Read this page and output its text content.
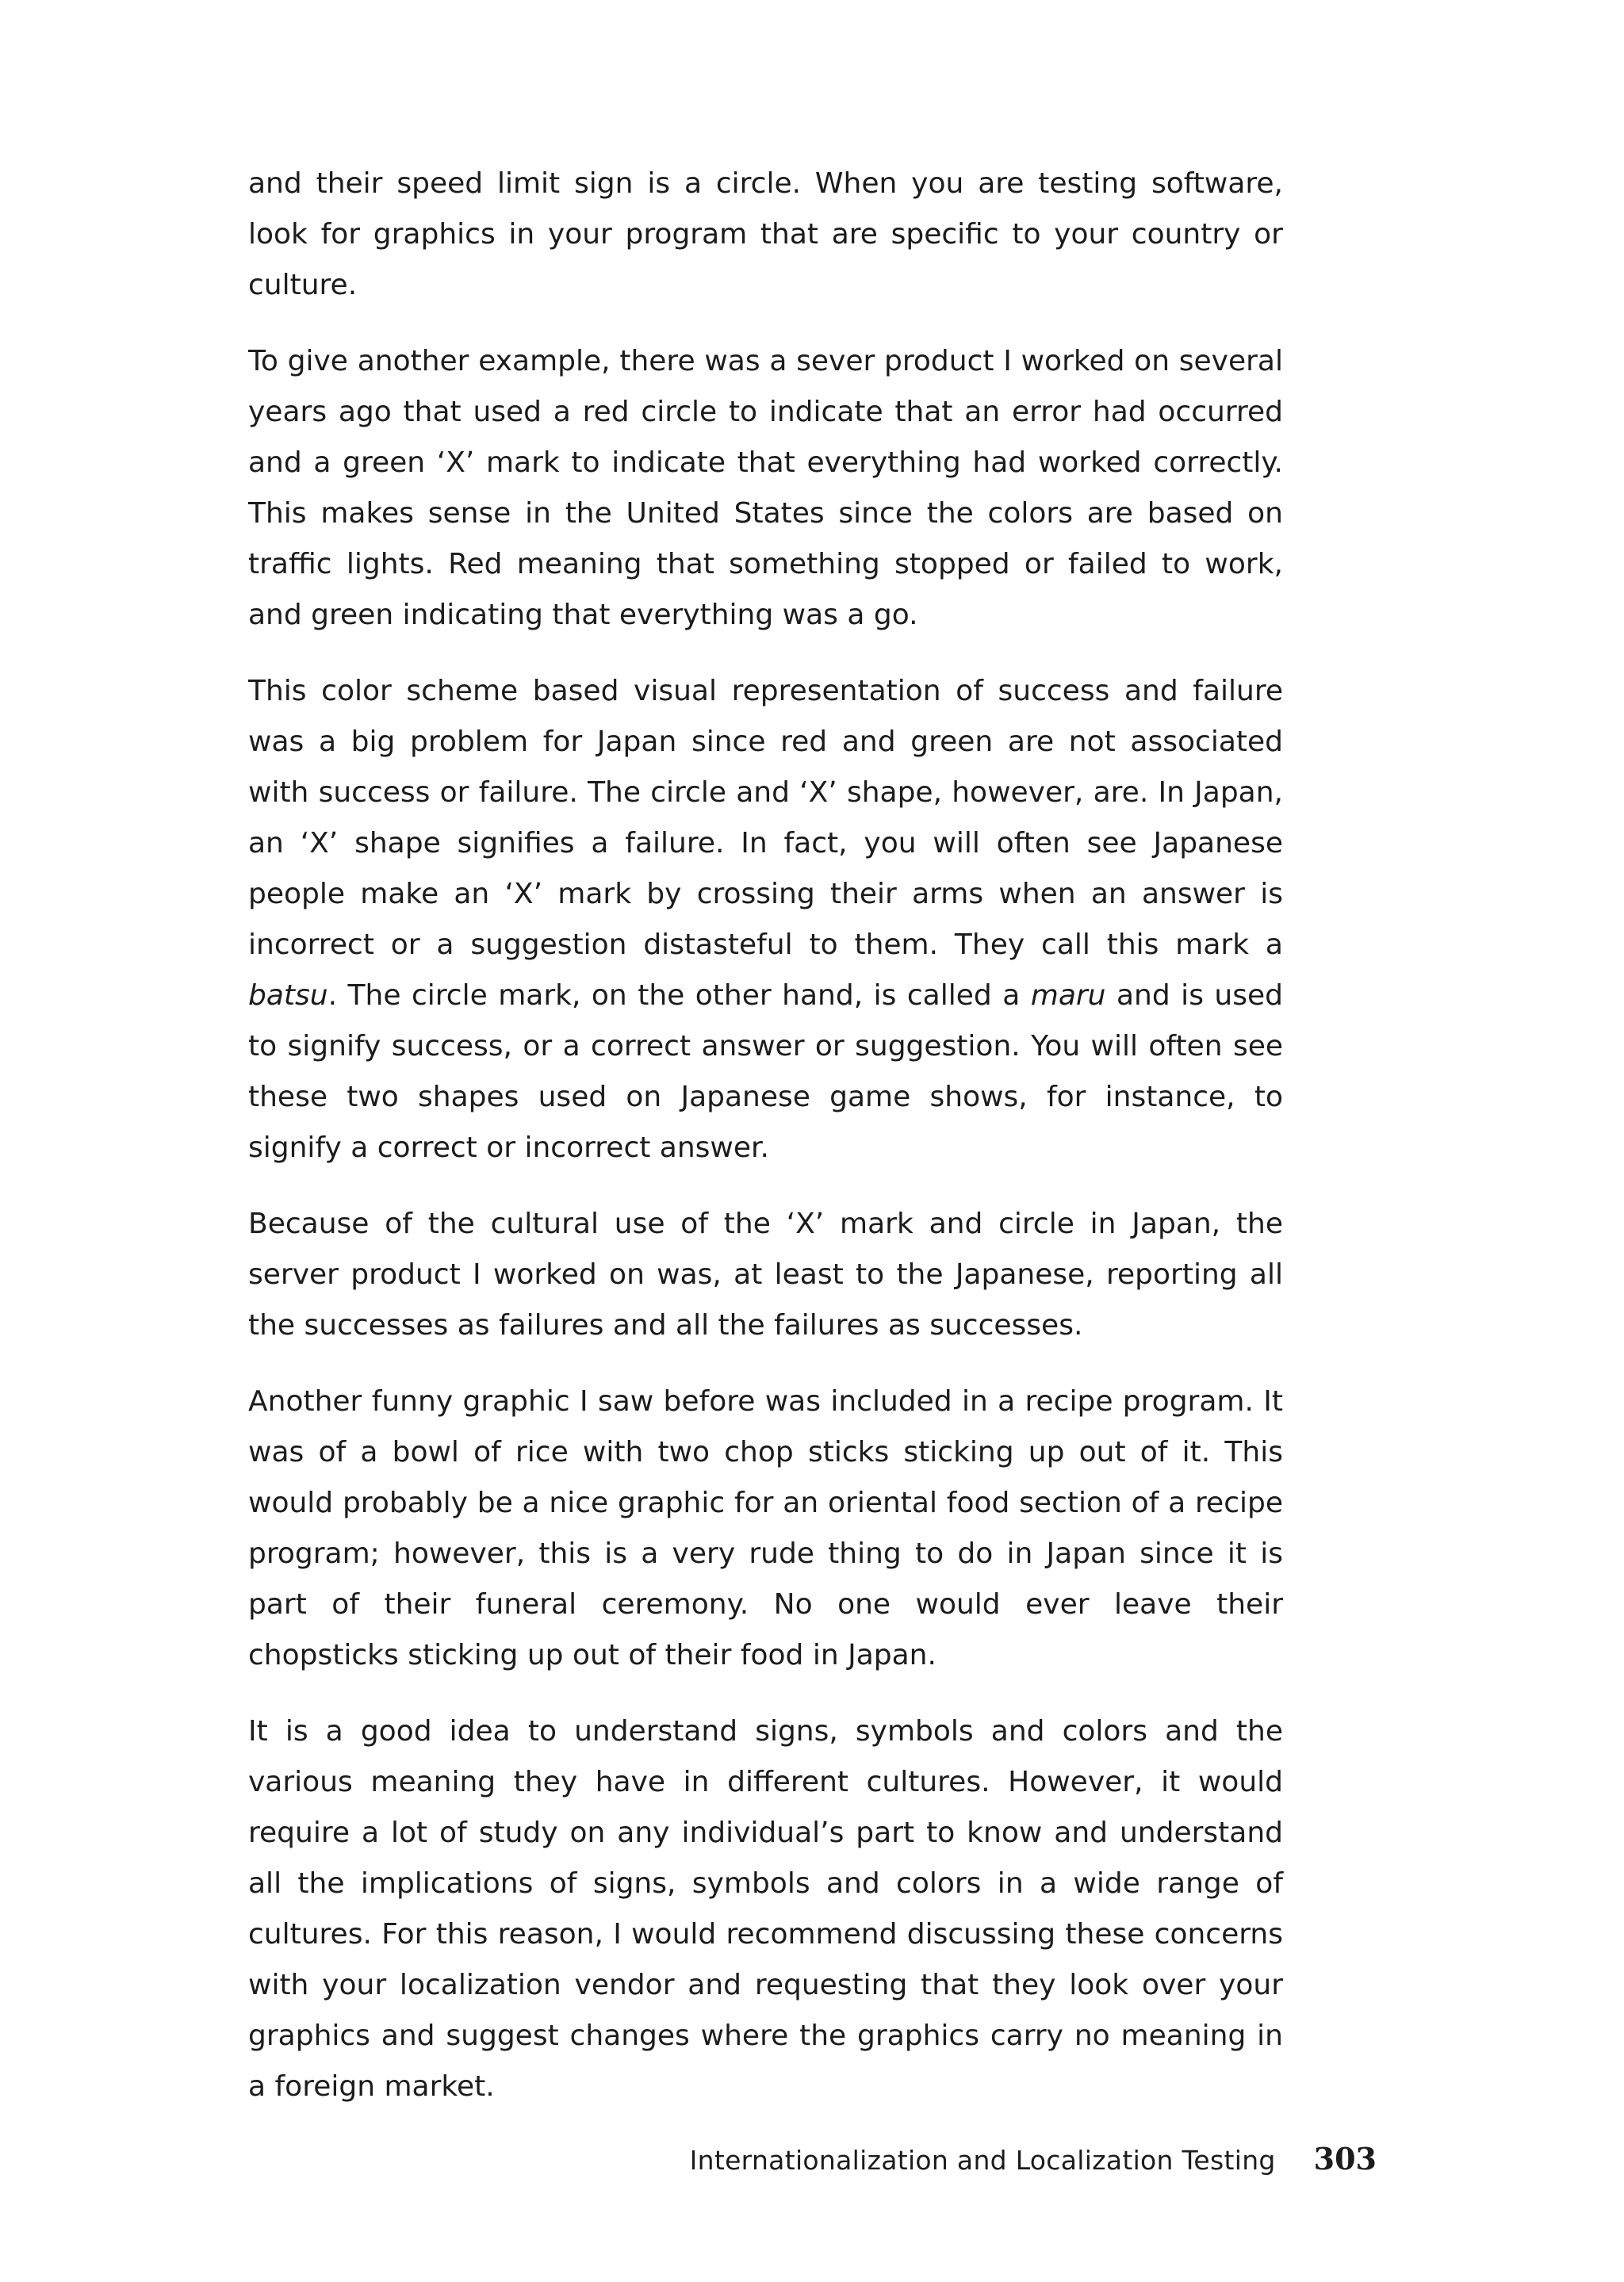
and their speed limit sign is a circle. When you are testing software, look for graphics in your program that are specific to your country or culture.

To give another example, there was a sever product I worked on several years ago that used a red circle to indicate that an error had occurred and a green ‘X’ mark to indicate that everything had worked correctly. This makes sense in the United States since the colors are based on traffic lights. Red meaning that something stopped or failed to work, and green indicating that everything was a go.

This color scheme based visual representation of success and failure was a big problem for Japan since red and green are not associated with success or failure. The circle and ‘X’ shape, however, are. In Japan, an ‘X’ shape signifies a failure. In fact, you will often see Japanese people make an ‘X’ mark by crossing their arms when an answer is incorrect or a suggestion distasteful to them. They call this mark a batsu. The circle mark, on the other hand, is called a maru and is used to signify success, or a correct answer or suggestion. You will often see these two shapes used on Japanese game shows, for instance, to signify a correct or incorrect answer.

Because of the cultural use of the ‘X’ mark and circle in Japan, the server product I worked on was, at least to the Japanese, reporting all the successes as failures and all the failures as successes.

Another funny graphic I saw before was included in a recipe program. It was of a bowl of rice with two chop sticks sticking up out of it. This would probably be a nice graphic for an oriental food section of a recipe program; however, this is a very rude thing to do in Japan since it is part of their funeral ceremony. No one would ever leave their chopsticks sticking up out of their food in Japan.

It is a good idea to understand signs, symbols and colors and the various meaning they have in different cultures. However, it would require a lot of study on any individual’s part to know and understand all the implications of signs, symbols and colors in a wide range of cultures. For this reason, I would recommend discussing these concerns with your localization vendor and requesting that they look over your graphics and suggest changes where the graphics carry no meaning in a foreign market.

Internationalization and Localization Testing 303
